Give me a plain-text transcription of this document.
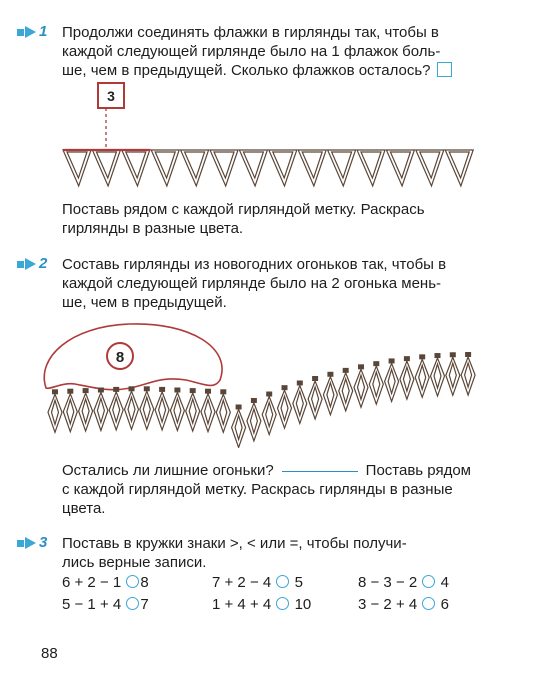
1 Продолжи соединять флажки в гирлянды так, чтобы в

каждой следующей гирлянде было на 1 флажок боль-

ше, чем в предыдущей. Сколько флажков осталось?

3

Поставь рядом с каждой гирляндой метку. Раскрась

гирлянды в разные цвета.

2 Составь гирлянды из новогодних огоньков так, чтобы в

каждой следующей гирлянде было на 2 огонька мень-

ше, чем в предыдущей.

8

Остались ли лишние огоньки?	Поставь рядом

с каждой гирляндой метку. Раскрась гирлянды в разные

цвета.

3 Поставь в кружки знаки >, < или =, чтобы получи-

лись верные записи.

6 + 2 − 1 8	7 + 2 − 4 5	8 − 3 − 2 4
5 − 1 + 4 7	1 + 4 + 4 10	3 − 2 + 4 6
88
